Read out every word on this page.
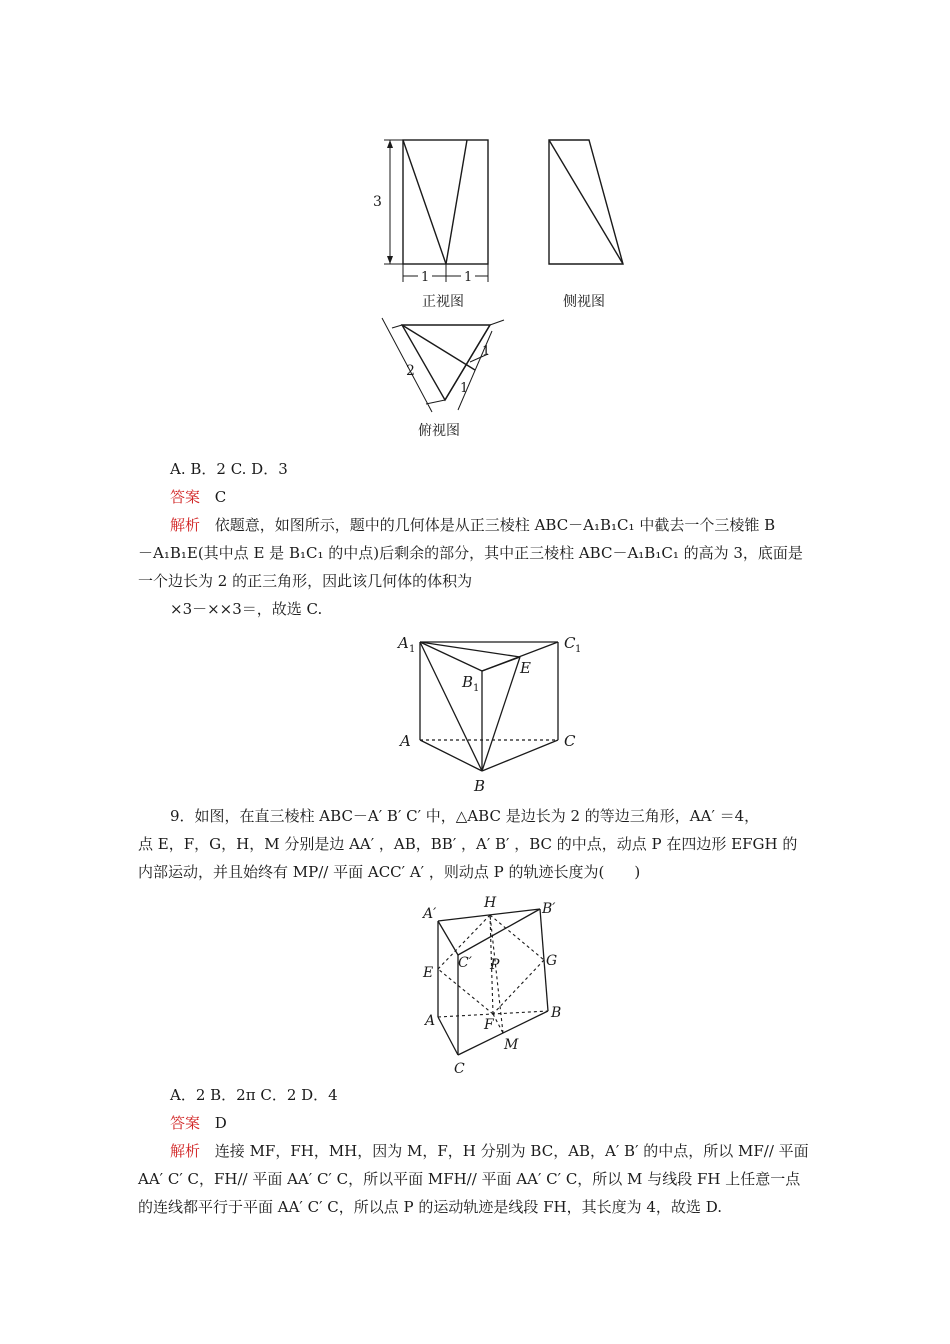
3
1	1
正视图	侧视图
2
1
1
俯视图
A. B．2 C. D．3
答案 C
解析 依题意，如图所示，题中的几何体是从正三棱柱 ABC－A₁B₁C₁ 中截去一个三棱锥 B
－A₁B₁E(其中点 E 是 B₁C₁ 的中点)后剩余的部分，其中正三棱柱 ABC－A₁B₁C₁ 的高为 3，底面是
一个边长为 2 的正三角形，因此该几何体的体积为
×3－××3＝，故选 C.
A 1	C 1
B 1
E
A	C
B
9．如图，在直三棱柱 ABC－A′ B′ C′ 中，△ABC 是边长为 2 的等边三角形，AA′ ＝4，
点 E，F，G，H，M 分别是边 AA′ ，AB，BB′ ，A′ B′ ，BC 的中点，动点 P 在四边形 EFGH 的
内部运动，并且始终有 MP// 平面 ACC′ A′ ，则动点 P 的轨迹长度为(　　)
A′
H	B′
C′ P	G
E
A	F
B
M
C
A．2 B．2π C．2 D．4
答案 D
解析 连接 MF，FH，MH，因为 M，F，H 分别为 BC，AB，A′ B′ 的中点，所以 MF// 平面
AA′ C′ C，FH// 平面 AA′ C′ C，所以平面 MFH// 平面 AA′ C′ C，所以 M 与线段 FH 上任意一点
的连线都平行于平面 AA′ C′ C，所以点 P 的运动轨迹是线段 FH，其长度为 4，故选 D.
